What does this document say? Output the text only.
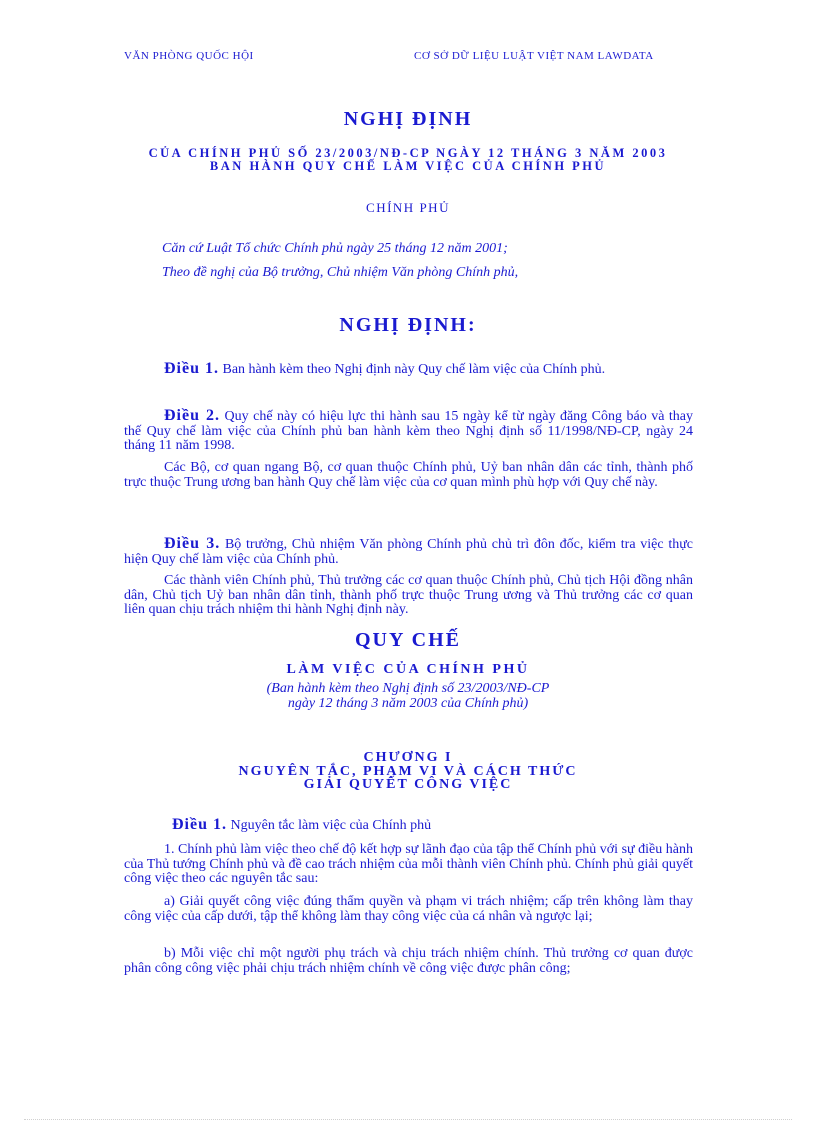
VĂN PHÒNG QUỐC HỘI	CƠ SỞ DỮ LIỆU LUẬT VIỆT NAM LAWDATA
NGHỊ ĐỊNH
CỦA CHÍNH PHỦ SỐ 23/2003/NĐ-CP NGÀY 12 THÁNG 3 NĂM 2003
BAN HÀNH QUY CHẾ LÀM VIỆC CỦA CHÍNH PHỦ
CHÍNH PHỦ
Căn cứ Luật Tổ chức Chính phủ ngày 25 tháng 12 năm 2001;
Theo đề nghị của Bộ trưởng, Chủ nhiệm Văn phòng Chính phủ,
NGHỊ ĐỊNH:

Điều 1. Ban hành kèm theo Nghị định này Quy chế làm việc của Chính phủ.

Điều 2. Quy chế này có hiệu lực thi hành sau 15 ngày kể từ ngày đăng Công báo và thay thế Quy chế làm việc của Chính phủ ban hành kèm theo Nghị định số 11/1998/NĐ-CP, ngày 24 tháng 11 năm 1998.

Các Bộ, cơ quan ngang Bộ, cơ quan thuộc Chính phủ, Uỷ ban nhân dân các tỉnh, thành phố trực thuộc Trung ương ban hành Quy chế làm việc của cơ quan mình phù hợp với Quy chế này.

Điều 3. Bộ trưởng, Chủ nhiệm Văn phòng Chính phủ chủ trì đôn đốc, kiểm tra việc thực hiện Quy chế làm việc của Chính phủ.

Các thành viên Chính phủ, Thủ trưởng các cơ quan thuộc Chính phủ, Chủ tịch Hội đồng nhân dân, Chủ tịch Uỷ ban nhân dân tỉnh, thành phố trực thuộc Trung ương và Thủ trưởng các cơ quan liên quan chịu trách nhiệm thi hành Nghị định này.

QUY CHẾ
LÀM VIỆC CỦA CHÍNH PHỦ
(Ban hành kèm theo Nghị định số 23/2003/NĐ-CP
ngày 12 tháng 3 năm 2003 của Chính phủ)
CHƯƠNG I
NGUYÊN TẮC, PHẠM VI VÀ CÁCH THỨC
GIẢI QUYẾT CÔNG VIỆC

Điều 1. Nguyên tắc làm việc của Chính phủ

1. Chính phủ làm việc theo chế độ kết hợp sự lãnh đạo của tập thể Chính phủ với sự điều hành của Thủ tướng Chính phủ và đề cao trách nhiệm của mỗi thành viên Chính phủ. Chính phủ giải quyết công việc theo các nguyên tắc sau:

a) Giải quyết công việc đúng thẩm quyền và phạm vi trách nhiệm; cấp trên không làm thay công việc của cấp dưới, tập thể không làm thay công việc của cá nhân và ngược lại;

b) Mỗi việc chỉ một người phụ trách và chịu trách nhiệm chính. Thủ trưởng cơ quan được phân công công việc phải chịu trách nhiệm chính về công việc được phân công;
